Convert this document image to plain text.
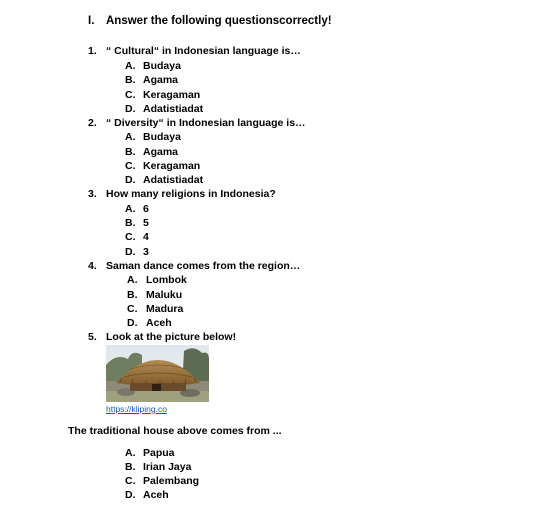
I. Answer the following questionscorrectly!
1. “ Cultural“ in Indonesian language is…
A. Budaya
B. Agama
C. Keragaman
D. Adatistiadat
2. “ Diversity“ in Indonesian language is…
A. Budaya
B. Agama
C. Keragaman
D. Adatistiadat
3. How many religions in Indonesia?
A. 6
B. 5
C. 4
D. 3
4. Saman dance comes from the region…
A. Lombok
B. Maluku
C. Madura
D. Aceh
5. Look at the picture below!
https://kliping.co
The traditional house above comes from ...
A. Papua
B. Irian Jaya
C. Palembang
D. Aceh
